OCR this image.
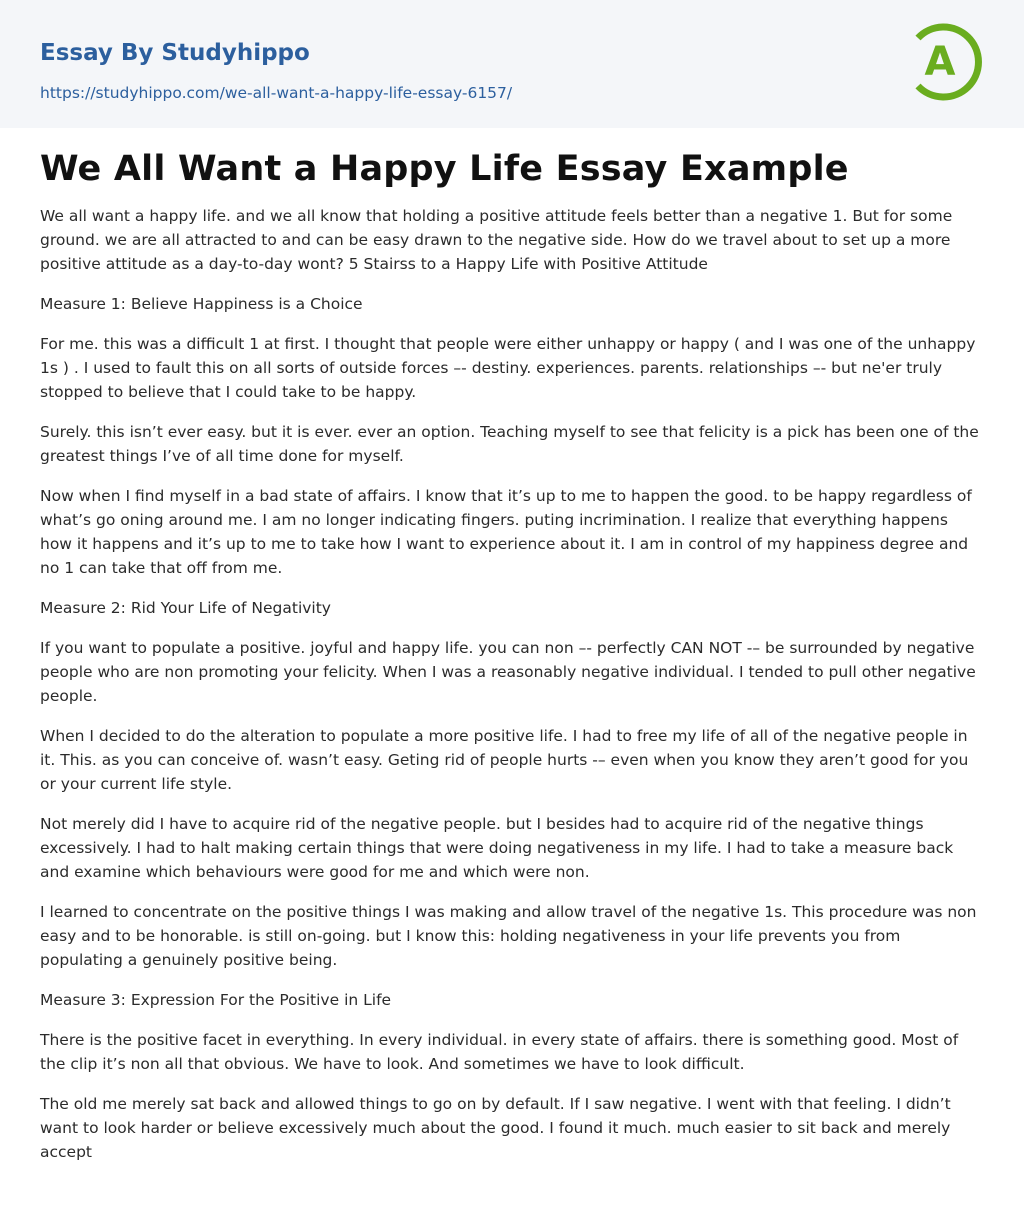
Essay By Studyhippo
https://studyhippo.com/we-all-want-a-happy-life-essay-6157/
A
We All Want a Happy Life Essay Example

We all want a happy life. and we all know that holding a positive attitude feels better than a negative 1. But for some ground. we are all attracted to and can be easy drawn to the negative side. How do we travel about to set up a more positive attitude as a day-to-day wont? 5 Stairss to a Happy Life with Positive Attitude

Measure 1: Believe Happiness is a Choice

For me. this was a difficult 1 at first. I thought that people were either unhappy or happy ( and I was one of the unhappy 1s ) . I used to fault this on all sorts of outside forces –- destiny. experiences. parents. relationships –- but ne'er truly stopped to believe that I could take to be happy.

Surely. this isn’t ever easy. but it is ever. ever an option. Teaching myself to see that felicity is a pick has been one of the greatest things I’ve of all time done for myself.

Now when I find myself in a bad state of affairs. I know that it’s up to me to happen the good. to be happy regardless of what’s go oning around me. I am no longer indicating fingers. puting incrimination. I realize that everything happens how it happens and it’s up to me to take how I want to experience about it. I am in control of my happiness degree and no 1 can take that off from me.

Measure 2: Rid Your Life of Negativity

If you want to populate a positive. joyful and happy life. you can non –- perfectly CAN NOT -– be surrounded by negative people who are non promoting your felicity. When I was a reasonably negative individual. I tended to pull other negative people.

When I decided to do the alteration to populate a more positive life. I had to free my life of all of the negative people in it. This. as you can conceive of. wasn’t easy. Geting rid of people hurts -– even when you know they aren’t good for you or your current life style.

Not merely did I have to acquire rid of the negative people. but I besides had to acquire rid of the negative things excessively. I had to halt making certain things that were doing negativeness in my life. I had to take a measure back and examine which behaviours were good for me and which were non.

I learned to concentrate on the positive things I was making and allow travel of the negative 1s. This procedure was non easy and to be honorable. is still on-going. but I know this: holding negativeness in your life prevents you from populating a genuinely positive being.

Measure 3: Expression For the Positive in Life

There is the positive facet in everything. In every individual. in every state of affairs. there is something good. Most of the clip it’s non all that obvious. We have to look. And sometimes we have to look difficult.

The old me merely sat back and allowed things to go on by default. If I saw negative. I went with that feeling. I didn’t want to look harder or believe excessively much about the good. I found it much. much easier to sit back and merely accept
